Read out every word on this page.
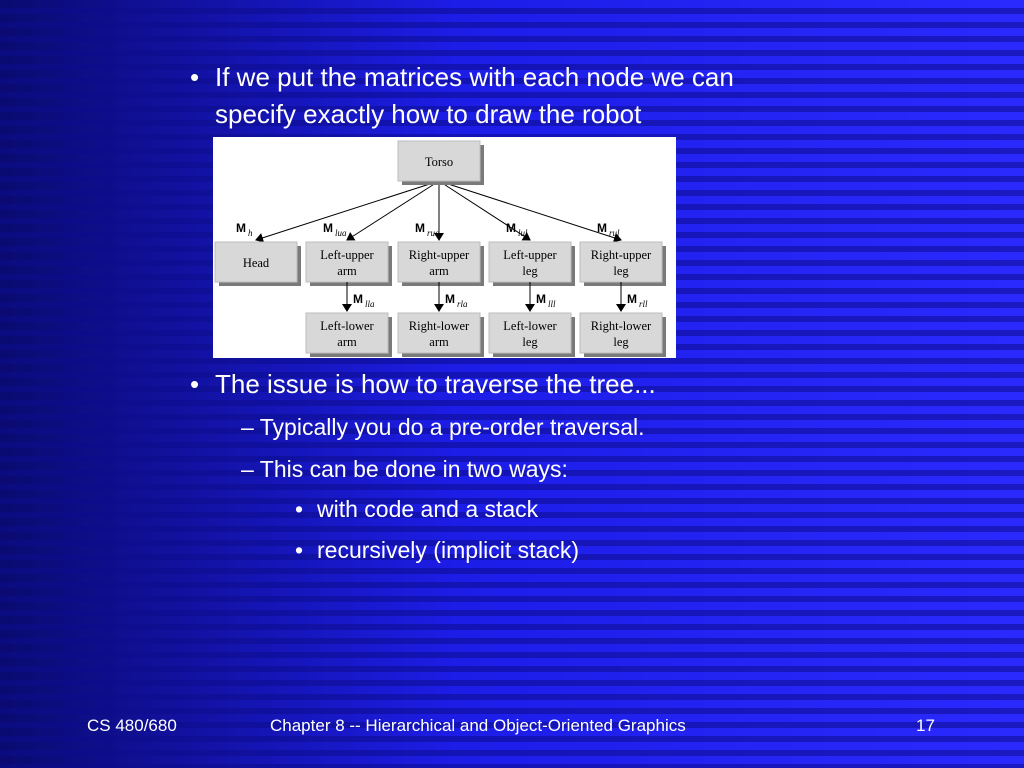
• If we put the matrices with each node we can
specify exactly how to draw the robot
Torso
Head
M h
Left-upper
arm
M lua
M lla
Left-lower
arm
Right-upper
arm
M rua
M rla
Right-lower
arm
Left-upper
leg
M lul
M lll
Left-lower
leg
Right-upper
leg
M rul
M rll
Right-lower
leg
• The issue is how to traverse the tree...
– Typically you do a pre-order traversal.
– This can be done in two ways:
• with code and a stack
• recursively (implicit stack)
CS 480/680	Chapter 8 -- Hierarchical and Object-Oriented Graphics	17
